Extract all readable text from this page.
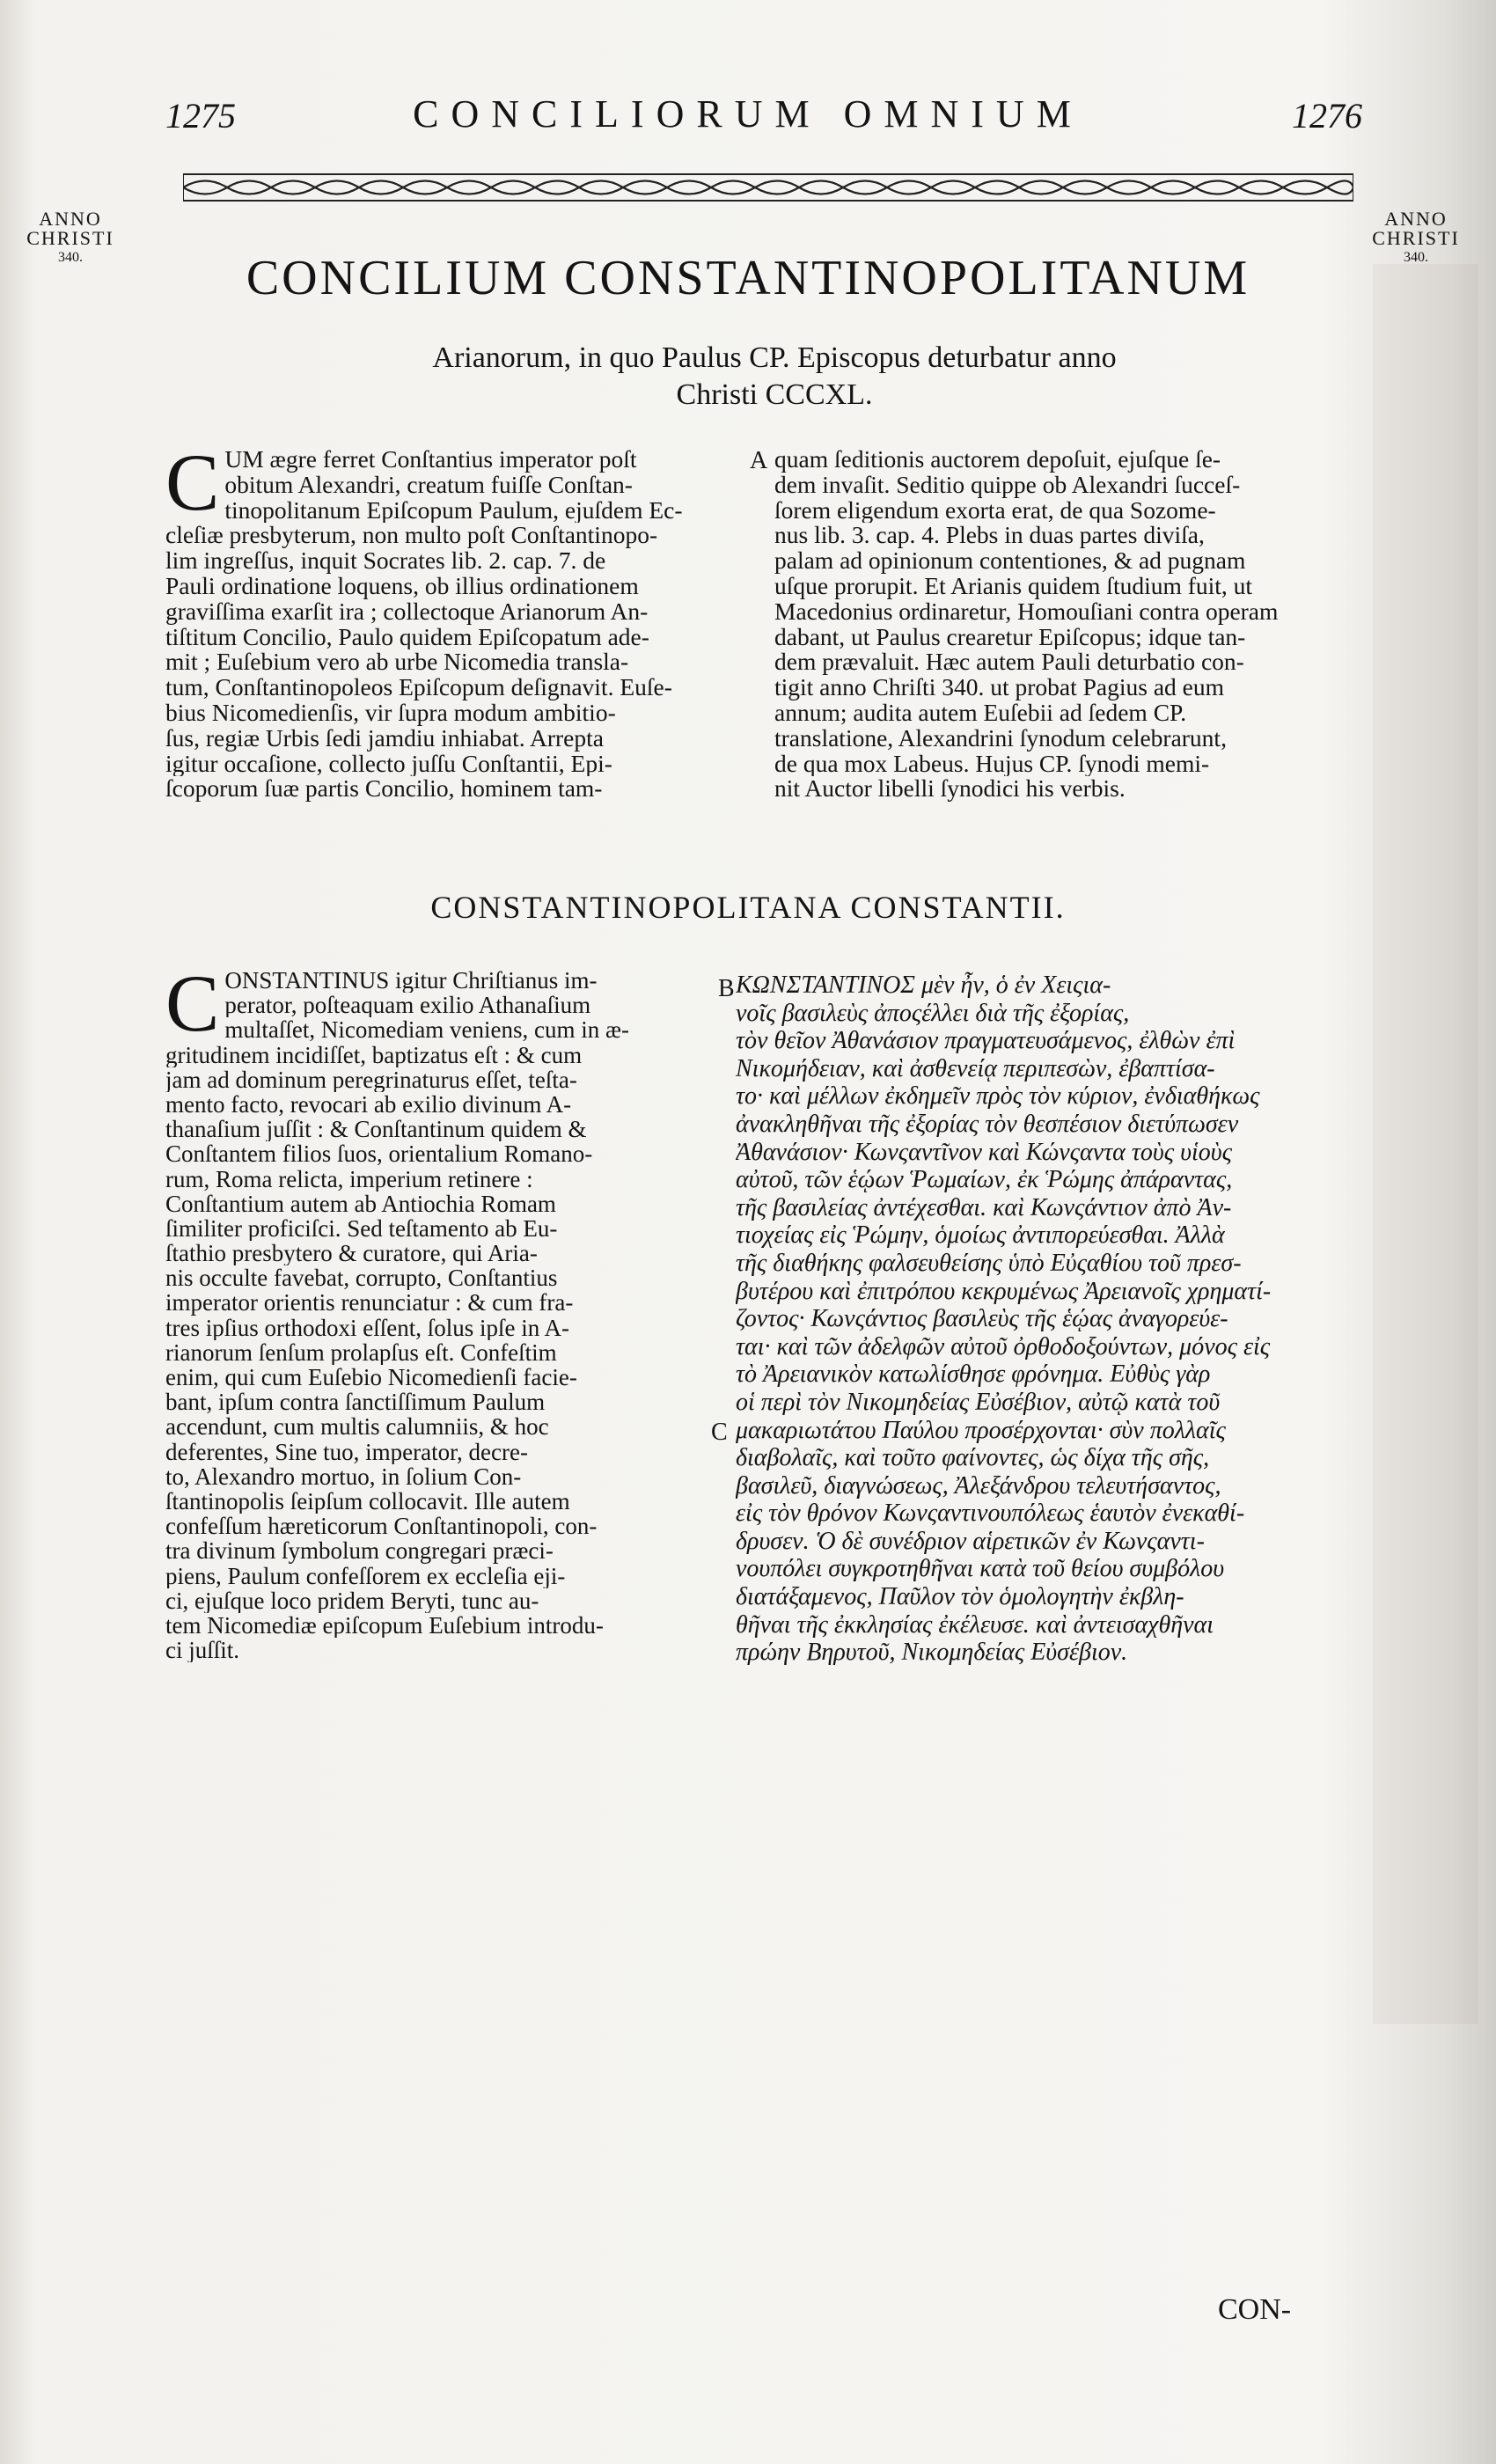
1275	CONCILIORUM OMNIUM	1276
ANNO
CHRISTI
340.
ANNO
CHRISTI
340.
CONCILIUM CONSTANTINOPOLITANUM
Arianorum, in quo Paulus CP. Episcopus deturbatur anno
Christi CCCXL.
C UM ægre ferret Conſtantius imperator poſt
obitum Alexandri, creatum fuiſſe Conſtan-
tinopolitanum Epiſcopum Paulum, ejuſdem Ec-
cleſiæ presbyterum, non multo poſt Conſtantinopo-
lim ingreſſus, inquit Socrates lib. 2. cap. 7. de
Pauli ordinatione loquens, ob illius ordinationem
graviſſima exarſit ira ; collectoque Arianorum An-
tiſtitum Concilio, Paulo quidem Epiſcopatum ade-
mit ; Euſebium vero ab urbe Nicomedia transla-
tum, Conſtantinopoleos Epiſcopum deſignavit. Euſe-
bius Nicomedienſis, vir ſupra modum ambitio-
ſus, regiæ Urbis ſedi jamdiu inhiabat. Arrepta
igitur occaſione, collecto juſſu Conſtantii, Epi-
ſcoporum ſuæ partis Concilio, hominem tam-
A quam ſeditionis auctorem depoſuit, ejuſque ſe-
dem invaſit. Seditio quippe ob Alexandri ſucceſ-
ſorem eligendum exorta erat, de qua Sozome-
nus lib. 3. cap. 4. Plebs in duas partes diviſa,
palam ad opinionum contentiones, & ad pugnam
uſque prorupit. Et Arianis quidem ſtudium fuit, ut
Macedonius ordinaretur, Homouſiani contra operam
dabant, ut Paulus crearetur Epiſcopus; idque tan-
dem prævaluit. Hæc autem Pauli deturbatio con-
tigit anno Chriſti 340. ut probat Pagius ad eum
annum; audita autem Euſebii ad ſedem CP.
translatione, Alexandrini ſynodum celebrarunt,
de qua mox Labeus. Hujus CP. ſynodi memi-
nit Auctor libelli ſynodici his verbis.
CONSTANTINOPOLITANA CONSTANTII.
C ONSTANTINUS igitur Chriſtianus im-
perator, poſteaquam exilio Athanaſium
multaſſet, Nicomediam veniens, cum in æ-
gritudinem incidiſſet, baptizatus eſt : & cum
jam ad dominum peregrinaturus eſſet, teſta-
mento facto, revocari ab exilio divinum A-
thanaſium juſſit : & Conſtantinum quidem &
Conſtantem filios ſuos, orientalium Romano-
rum, Roma relicta, imperium retinere :
Conſtantium autem ab Antiochia Romam
ſimiliter proficiſci. Sed teſtamento ab Eu-
ſtathio presbytero & curatore, qui Aria-
nis occulte favebat, corrupto, Conſtantius
imperator orientis renunciatur : & cum fra-
tres ipſius orthodoxi eſſent, ſolus ipſe in A-
rianorum ſenſum prolapſus eſt. Confeſtim
enim, qui cum Euſebio Nicomedienſi facie-
bant, ipſum contra ſanctiſſimum Paulum
accendunt, cum multis calumniis, & hoc
deferentes, Sine tuo, imperator, decre-
to, Alexandro mortuo, in ſolium Con-
ſtantinopolis ſeipſum collocavit. Ille autem
confeſſum hæreticorum Conſtantinopoli, con-
tra divinum ſymbolum congregari præci-
piens, Paulum confeſſorem ex eccleſia eji-
ci, ejuſque loco pridem Beryti, tunc au-
tem Nicomediæ epiſcopum Euſebium introdu-
ci juſſit.
B
C
ΚΩΝΣΤΑΝΤΙΝΟΣ μὲν ἦν, ὁ ἐν Χειςια-
νοῖς βασιλεὺς ἀποςέλλει διὰ τῆς ἐξορίας,
τὸν θεῖον Ἀθανάσιον πραγματευσάμενος, ἐλθὼν ἐπὶ
Νικομήδειαν, καὶ ἀσθενείᾳ περιπεσὼν, ἐβαπτίσα-
το· καὶ μέλλων ἐκδημεῖν πρὸς τὸν κύριον, ἐνδιαθήκως
ἀνακληθῆναι τῆς ἐξορίας τὸν θεσπέσιον διετύπωσεν
Ἀθανάσιον· Κωνςαντῖνον καὶ Κώνςαντα τοὺς υἱοὺς
αὐτοῦ, τῶν ἑῴων Ῥωμαίων, ἐκ Ῥώμης ἀπάραντας,
τῆς βασιλείας ἀντέχεσθαι. καὶ Κωνςάντιον ἀπὸ Ἀν-
τιοχείας εἰς Ῥώμην, ὁμοίως ἀντιπορεύεσθαι. Ἀλλὰ
τῆς διαθήκης φαλσευθείσης ὑπὸ Εὐςαθίου τοῦ πρεσ-
βυτέρου καὶ ἐπιτρόπου κεκρυμένως Ἀρειανοῖς χρηματί-
ζοντος· Κωνςάντιος βασιλεὺς τῆς ἑῴας ἀναγορεύε-
ται· καὶ τῶν ἀδελφῶν αὐτοῦ ὀρθοδοξούντων, μόνος εἰς
τὸ Ἀρειανικὸν κατωλίσθησε φρόνημα. Εὐθὺς γὰρ
οἱ περὶ τὸν Νικομηδείας Εὐσέβιον, αὐτῷ κατὰ τοῦ
μακαριωτάτου Παύλου προσέρχονται· σὺν πολλαῖς
διαβολαῖς, καὶ τοῦτο φαίνοντες, ὡς δίχα τῆς σῆς,
βασιλεῦ, διαγνώσεως, Ἀλεξάνδρου τελευτήσαντος,
εἰς τὸν θρόνον Κωνςαντινουπόλεως ἑαυτὸν ἐνεκαθί-
δρυσεν. Ὁ δὲ συνέδριον αἱρετικῶν ἐν Κωνςαντι-
νουπόλει συγκροτηθῆναι κατὰ τοῦ θείου συμβόλου
διατάξαμενος, Παῦλον τὸν ὁμολογητὴν ἐκβλη-
θῆναι τῆς ἐκκλησίας ἐκέλευσε. καὶ ἀντεισαχθῆναι
πρώην Βηρυτοῦ, Νικομηδείας Εὐσέβιον.
CON-
